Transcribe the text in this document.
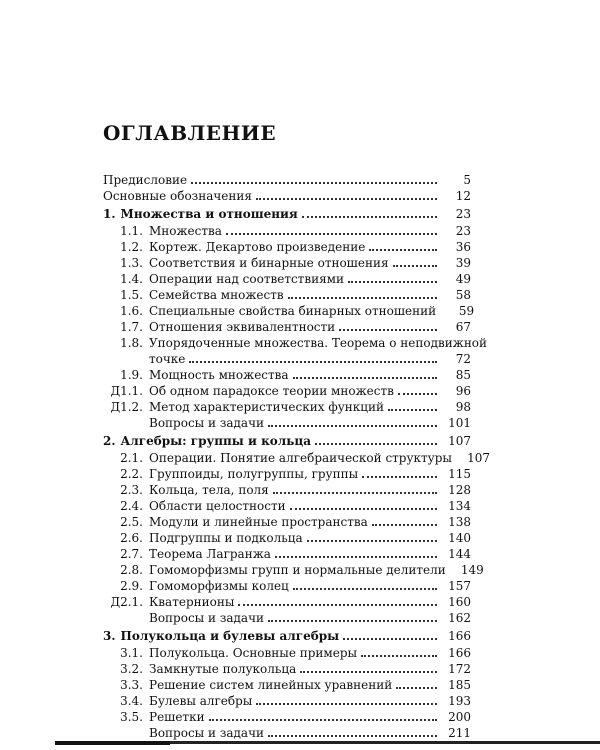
ОГЛАВЛЕНИЕ
Предисловие	5
Основные обозначения	12
1. Множества и отношения	23
1.1. Множества	23
1.2. Кортеж. Декартово произведение	36
1.3. Соответствия и бинарные отношения	39
1.4. Операции над соответствиями	49
1.5. Семейства множеств	58
1.6. Специальные свойства бинарных отношений	59
1.7. Отношения эквивалентности	67
1.8. Упорядоченные множества. Теорема о неподвижной
точке	72
1.9. Мощность множества	85
Д1.1. Об одном парадоксе теории множеств	96
Д1.2. Метод характеристических функций	98
Вопросы и задачи	101
2. Алгебры: группы и кольца	107
2.1. Операции. Понятие алгебраической структуры	107
2.2. Группоиды, полугруппы, группы	115
2.3. Кольца, тела, поля	128
2.4. Области целостности	134
2.5. Модули и линейные пространства	138
2.6. Подгруппы и подкольца	140
2.7. Теорема Лагранжа	144
2.8. Гомоморфизмы групп и нормальные делители	149
2.9. Гомоморфизмы колец	157
Д2.1. Кватернионы	160
Вопросы и задачи	162
3. Полукольца и булевы алгебры	166
3.1. Полукольца. Основные примеры	166
3.2. Замкнутые полукольца	172
3.3. Решение систем линейных уравнений	185
3.4. Булевы алгебры	193
3.5. Решетки	200
Вопросы и задачи	211
